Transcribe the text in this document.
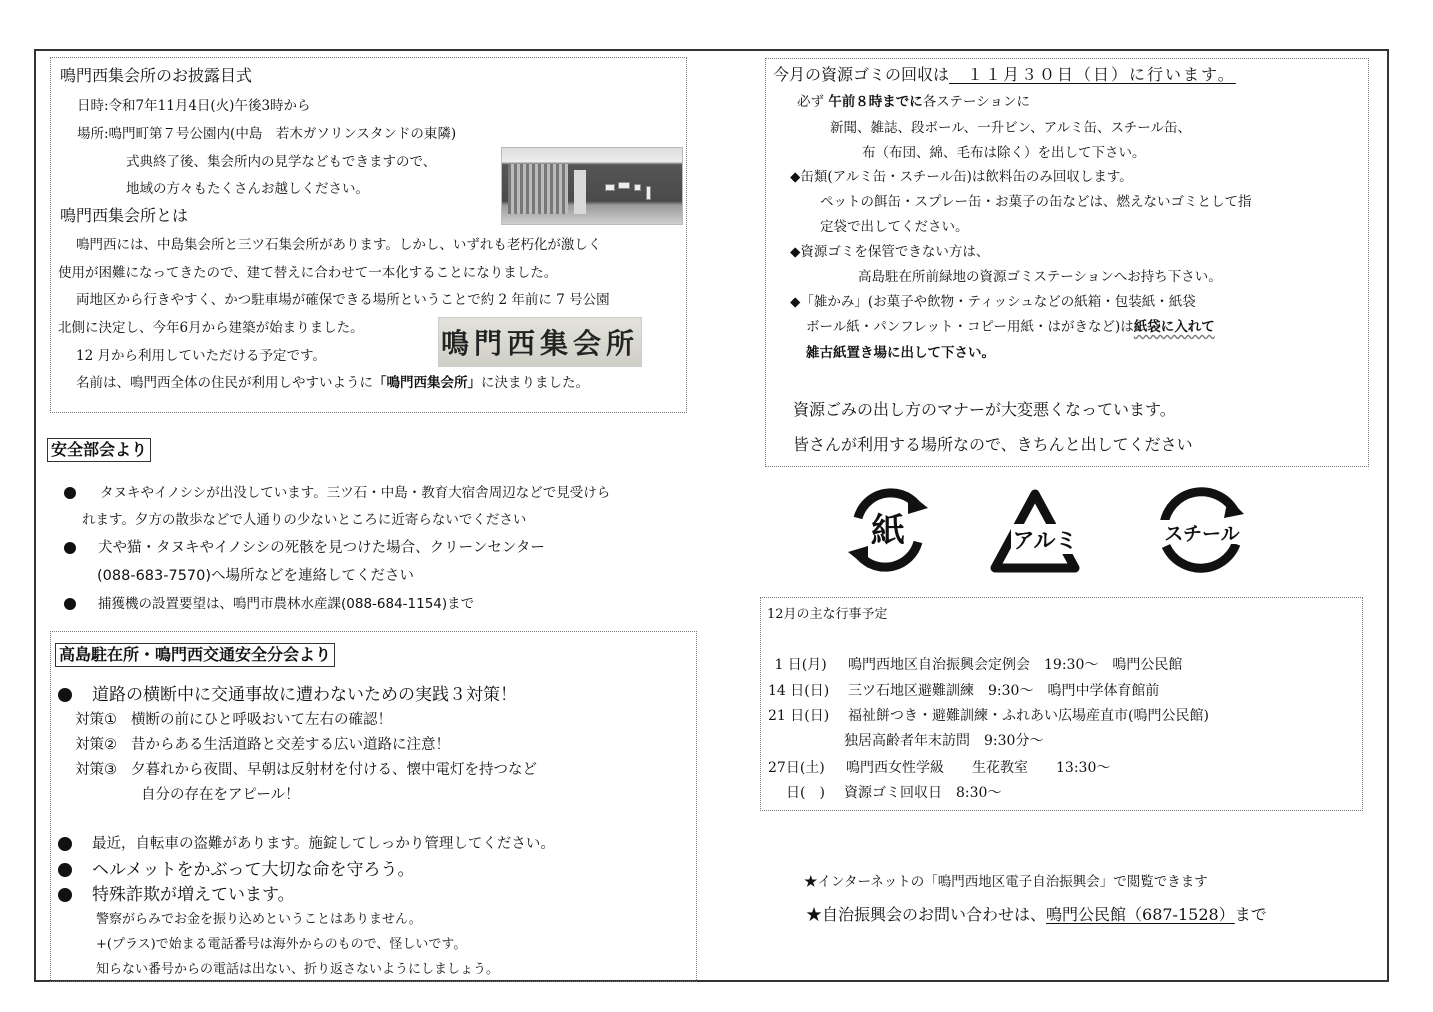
鳴門西集会所のお披露目式
日時:令和7年11月4日(火)午後3時から
場所:鳴門町第７号公園内(中島　若木ガソリンスタンドの東隣)
式典終了後、集会所内の見学などもできますので、
地域の方々もたくさんお越しください。
鳴門西集会所とは
鳴門西には、中島集会所と三ツ石集会所があります。しかし、いずれも老朽化が激しく
使用が困難になってきたので、建て替えに合わせて一本化することになりました。
両地区から行きやすく、かつ駐車場が確保できる場所ということで約 2 年前に 7 号公園
北側に決定し、今年6月から建築が始まりました。	鳴門西集会所
12 月から利用していただける予定です。
名前は、鳴門西全体の住民が利用しやすいように「鳴門西集会所」に決まりました。
安全部会より
タヌキやイノシシが出没しています。三ツ石・中島・教育大宿舎周辺などで見受けら
れます。夕方の散歩などで人通りの少ないところに近寄らないでください
犬や猫・タヌキやイノシシの死骸を見つけた場合、クリーンセンター
(088-683-7570)へ場所などを連絡してください
捕獲機の設置要望は、鳴門市農林水産課(088-684-1154)まで
高島駐在所・鳴門西交通安全分会より
道路の横断中に交通事故に遭わないための実践３対策！
対策① 横断の前にひと呼吸おいて左右の確認！
対策② 昔からある生活道路と交差する広い道路に注意！
対策③ 夕暮れから夜間、早朝は反射材を付ける、懐中電灯を持つなど
自分の存在をアピール！
最近，自転車の盗難があります。施錠してしっかり管理してください。
ヘルメットをかぶって大切な命を守ろう。
特殊詐欺が増えています。
警察がらみでお金を振り込めということはありません。
+(プラス)で始まる電話番号は海外からのもので、怪しいです。
知らない番号からの電話は出ない、折り返さないようにしましょう。
今月の資源ゴミの回収は　１１月３０日（日）に行います。
必ず 午前８時までに各ステーションに
新聞、雑誌、段ボール、一升ビン、アルミ缶、スチール缶、
布（布団、綿、毛布は除く）を出して下さい。
◆缶類(アルミ缶・スチール缶)は飲料缶のみ回収します。
ペットの餌缶・スプレー缶・お菓子の缶などは、燃えないゴミとして指
定袋で出してください。
◆資源ゴミを保管できない方は、
高島駐在所前緑地の資源ゴミステーションへお持ち下さい。
◆「雑かみ」(お菓子や飲物・ティッシュなどの紙箱・包装紙・紙袋
ボール紙・パンフレット・コピー用紙・はがきなど)は紙袋に入れて
雑古紙置き場に出して下さい。
資源ごみの出し方のマナーが大変悪くなっています。
皆さんが利用する場所なので、きちんと出してください
紙	アルミ	スチール
12月の主な行事予定
1 日(月) 鳴門西地区自治振興会定例会　19:30～　鳴門公民館
14 日(日) 三ツ石地区避難訓練　9:30～　鳴門中学体育館前
21 日(日) 福祉餅つき・避難訓練・ふれあい広場産直市(鳴門公民館)
独居高齢者年末訪問　9:30分～
27日(土) 鳴門西女性学級　　生花教室　　13:30～
日(　) 資源ゴミ回収日　8:30～
★インターネットの「鳴門西地区電子自治振興会」で閲覧できます
★自治振興会のお問い合わせは、鳴門公民館（687-1528）まで
